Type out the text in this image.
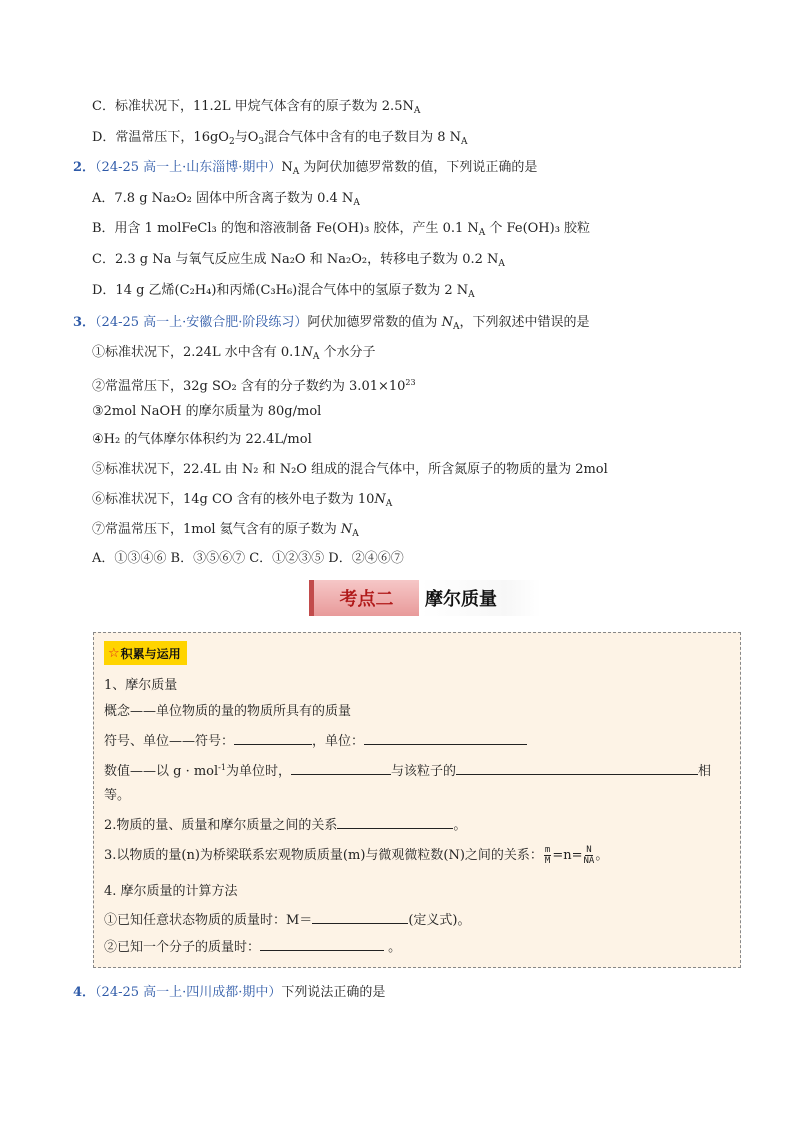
C．标准状况下，11.2L 甲烷气体含有的原子数为 $2.5N_A$
D．常温常压下，$16gO_2$与$O_3$混合气体中含有的电子数目为 8 $N_A$
2．（24-25 高一上·山东淄博·期中）$N_A$ 为阿伏加德罗常数的值，下列说正确的是
A．7.8 g Na₂O₂ 固体中所含离子数为 0.4 $N_A$
B．用含 1 molFeCl₃ 的饱和溶液制备 Fe(OH)₃ 胶体，产生 0.1 $N_A$ 个 Fe(OH)₃ 胶粒
C．2.3 g Na 与氧气反应生成 Na₂O 和 Na₂O₂，转移电子数为 0.2 $N_A$
D．14 g 乙烯(C₂H₄)和丙烯(C₃H₆)混合气体中的氢原子数为 2 $N_A$
3．（24-25 高一上·安徽合肥·阶段练习）阿伏加德罗常数的值为 $N_A$，下列叙述中错误的是
①标准状况下，2.24L 水中含有 $0.1N_A$ 个水分子
②常温常压下，32g SO₂ 含有的分子数约为 $3.01\times 10^{23}$
③2mol NaOH 的摩尔质量为 80g/mol
④H₂ 的气体摩尔体积约为 22.4L/mol
⑤标准状况下，22.4L 由 N₂ 和 N₂O 组成的混合气体中，所含氮原子的物质的量为 2mol
⑥标准状况下，14g CO 含有的核外电子数为 $10N_A$
⑦常温常压下，1mol 氦气含有的原子数为 $N_A$
A．①③④⑥ B．③⑤⑥⑦ C．①②③⑤ D．②④⑥⑦
考点二	摩尔质量
☆ 积累与运用
1、摩尔质量
概念——单位物质的量的物质所具有的质量
符号、单位——符号：	，单位：
数值——以 g · mol$^{-1}$为单位时，	与该粒子的	相
等。
2.物质的量、质量和摩尔质量之间的关系	。
3.以物质的量(n)为桥梁联系宏观物质质量(m)与微观微粒数(N)之间的关系： $\frac{m}{M} =n= \frac{N}{NA}$ 。
4. 摩尔质量的计算方法
①已知任意状态物质的质量时：M＝	(定义式)。
②已知一个分子的质量时：	。
4．（24-25 高一上·四川成都·期中）下列说法正确的是
